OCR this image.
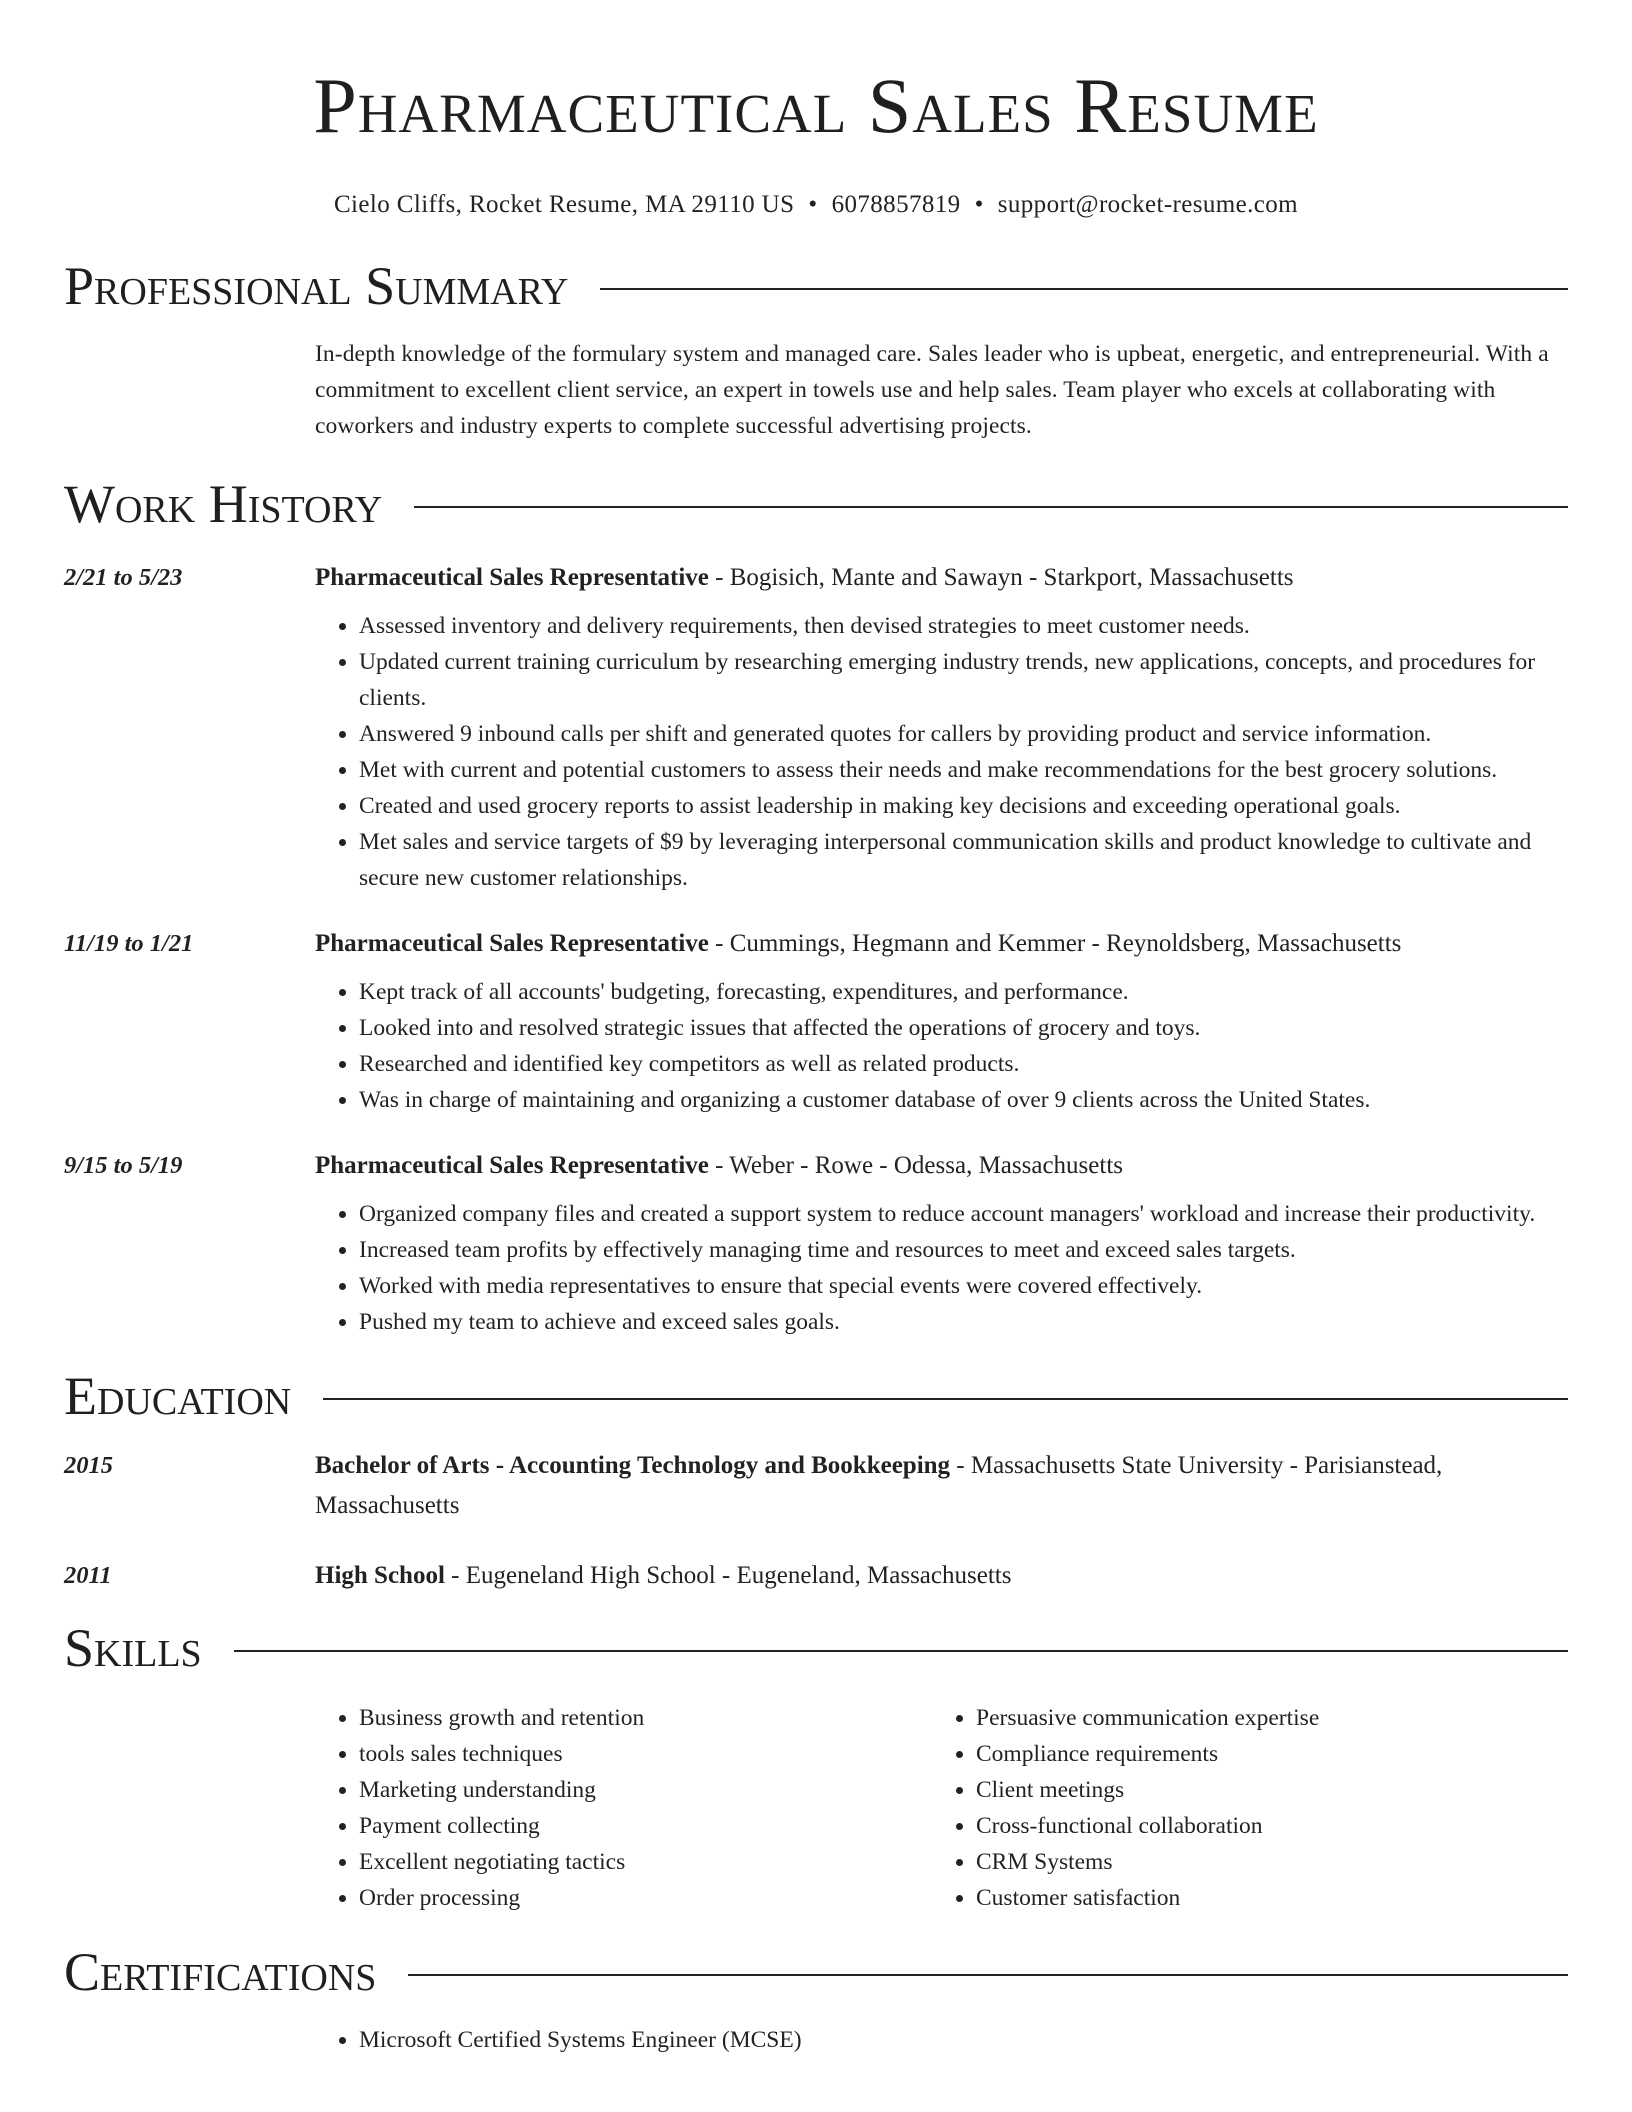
Pharmaceutical Sales Resume
Cielo Cliffs, Rocket Resume, MA 29110 US • 6078857819 • support@rocket-resume.com
Professional Summary
In-depth knowledge of the formulary system and managed care. Sales leader who is upbeat, energetic, and entrepreneurial. With a commitment to excellent client service, an expert in towels use and help sales. Team player who excels at collaborating with coworkers and industry experts to complete successful advertising projects.
Work History
2/21 to 5/23	Pharmaceutical Sales Representative - Bogisich, Mante and Sawayn - Starkport, Massachusetts
• Assessed inventory and delivery requirements, then devised strategies to meet customer needs.
• Updated current training curriculum by researching emerging industry trends, new applications, concepts, and procedures for clients.
• Answered 9 inbound calls per shift and generated quotes for callers by providing product and service information.
• Met with current and potential customers to assess their needs and make recommendations for the best grocery solutions.
• Created and used grocery reports to assist leadership in making key decisions and exceeding operational goals.
• Met sales and service targets of $9 by leveraging interpersonal communication skills and product knowledge to cultivate and secure new customer relationships.
11/19 to 1/21	Pharmaceutical Sales Representative - Cummings, Hegmann and Kemmer - Reynoldsberg, Massachusetts
• Kept track of all accounts' budgeting, forecasting, expenditures, and performance.
• Looked into and resolved strategic issues that affected the operations of grocery and toys.
• Researched and identified key competitors as well as related products.
• Was in charge of maintaining and organizing a customer database of over 9 clients across the United States.
9/15 to 5/19	Pharmaceutical Sales Representative - Weber - Rowe - Odessa, Massachusetts
• Organized company files and created a support system to reduce account managers' workload and increase their productivity.
• Increased team profits by effectively managing time and resources to meet and exceed sales targets.
• Worked with media representatives to ensure that special events were covered effectively.
• Pushed my team to achieve and exceed sales goals.
Education
2015	Bachelor of Arts - Accounting Technology and Bookkeeping - Massachusetts State University - Parisianstead, Massachusetts
2011	High School - Eugeneland High School - Eugeneland, Massachusetts
Skills
• Business growth and retention
• tools sales techniques
• Marketing understanding
• Payment collecting
• Excellent negotiating tactics
• Order processing
• Persuasive communication expertise
• Compliance requirements
• Client meetings
• Cross-functional collaboration
• CRM Systems
• Customer satisfaction
Certifications
• Microsoft Certified Systems Engineer (MCSE)
